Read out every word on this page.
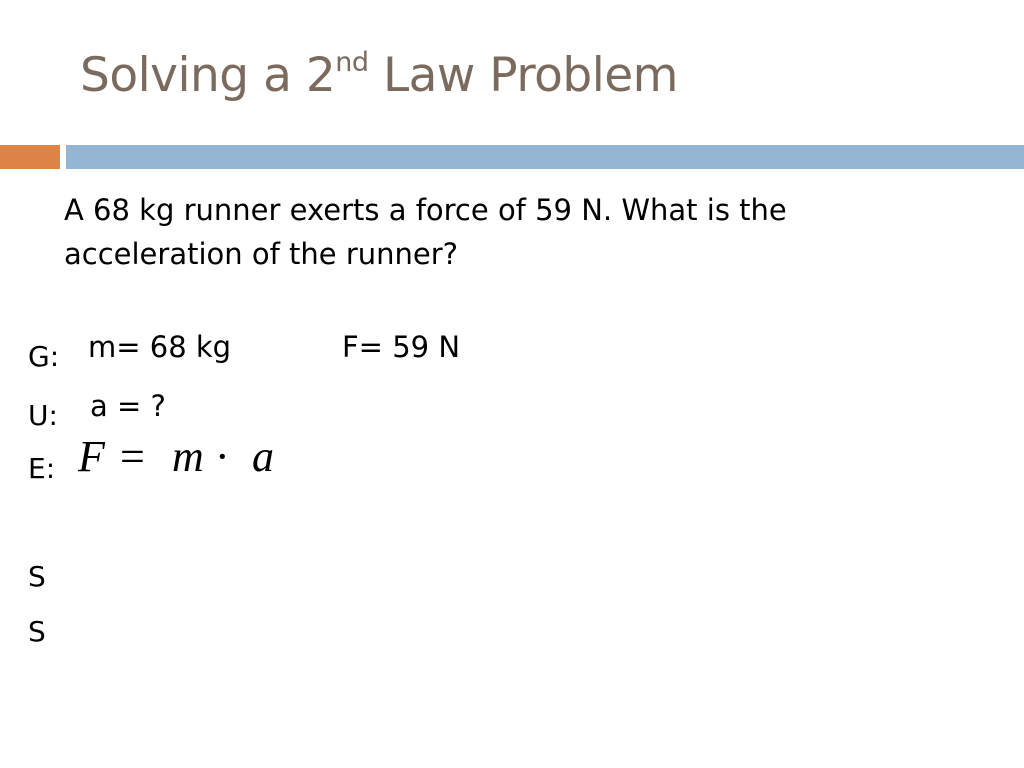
Solving a 2nd Law Problem

A 68 kg runner exerts a force of 59 N. What is the
acceleration of the runner?

G:
U:
E:
S
S
m= 68 kg	F= 59 N
a = ?
F = m · a
